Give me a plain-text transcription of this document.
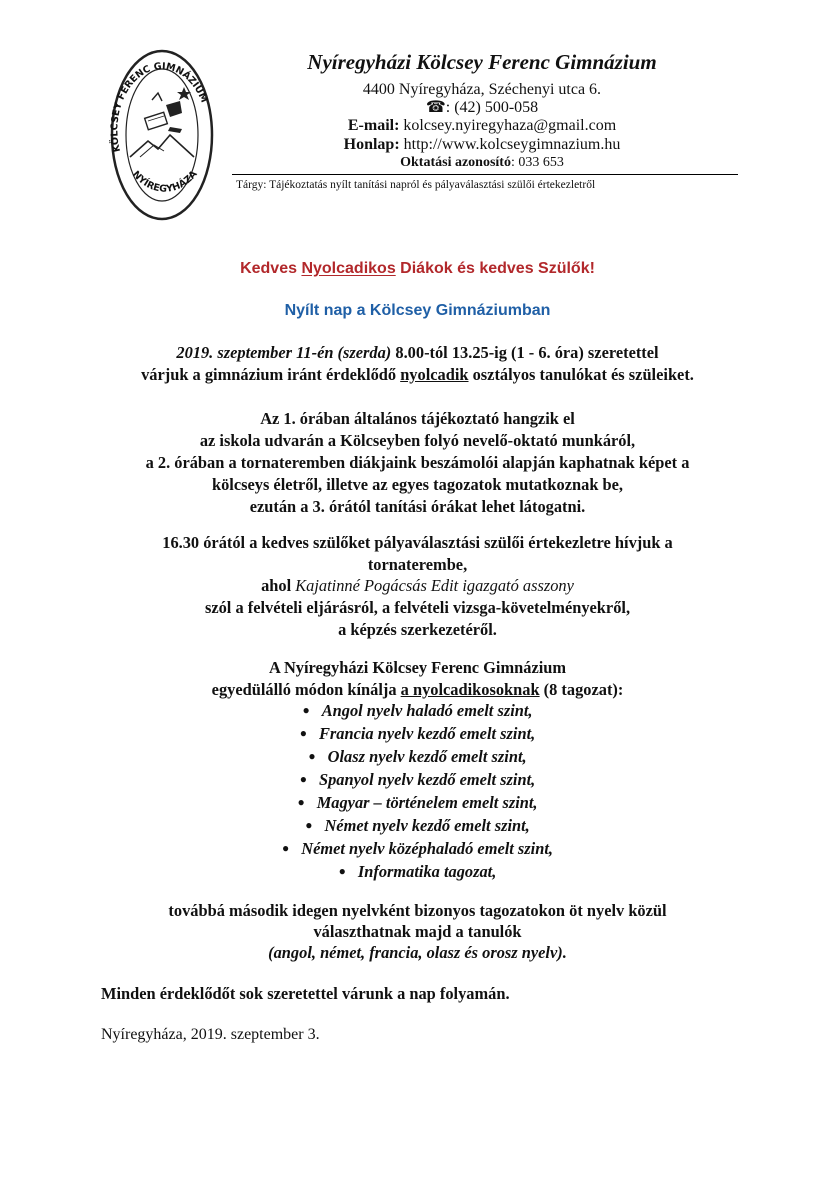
KÖLCSEY FERENC GIMNÁZIUM
NYÍREGYHÁZA
Nyíregyházi Kölcsey Ferenc Gimnázium
4400 Nyíregyháza, Széchenyi utca 6.
☎: (42) 500-058
E-mail: kolcsey.nyiregyhaza@gmail.com
Honlap: http://www.kolcseygimnazium.hu
Oktatási azonosító: 033 653
Tárgy: Tájékoztatás nyílt tanítási napról és pályaválasztási szülői értekezletről
Kedves Nyolcadikos Diákok és kedves Szülők!
Nyílt nap a Kölcsey Gimnáziumban
2019. szeptember 11-én (szerda) 8.00-tól 13.25-ig (1 - 6. óra) szeretettel
várjuk a gimnázium iránt érdeklődő nyolcadik osztályos tanulókat és szüleiket.
Az 1. órában általános tájékoztató hangzik el
az iskola udvarán a Kölcseyben folyó nevelő-oktató munkáról,
a 2. órában a tornateremben diákjaink beszámolói alapján kaphatnak képet a
kölcseys életről, illetve az egyes tagozatok mutatkoznak be,
ezután a 3. órától tanítási órákat lehet látogatni.
16.30 órától a kedves szülőket pályaválasztási szülői értekezletre hívjuk a
tornaterembe,
ahol Kajatinné Pogácsás Edit igazgató asszony
szól a felvételi eljárásról, a felvételi vizsga-követelményekről,
a képzés szerkezetéről.
A Nyíregyházi Kölcsey Ferenc Gimnázium
egyedülálló módon kínálja a nyolcadikosoknak (8 tagozat):
● Angol nyelv haladó emelt szint,
● Francia nyelv kezdő emelt szint,
● Olasz nyelv kezdő emelt szint,
● Spanyol nyelv kezdő emelt szint,
● Magyar – történelem emelt szint,
● Német nyelv kezdő emelt szint,
● Német nyelv középhaladó emelt szint,
● Informatika tagozat,
továbbá második idegen nyelvként bizonyos tagozatokon öt nyelv közül
választhatnak majd a tanulók
(angol, német, francia, olasz és orosz nyelv).
Minden érdeklődőt sok szeretettel várunk a nap folyamán.
Nyíregyháza, 2019. szeptember 3.
